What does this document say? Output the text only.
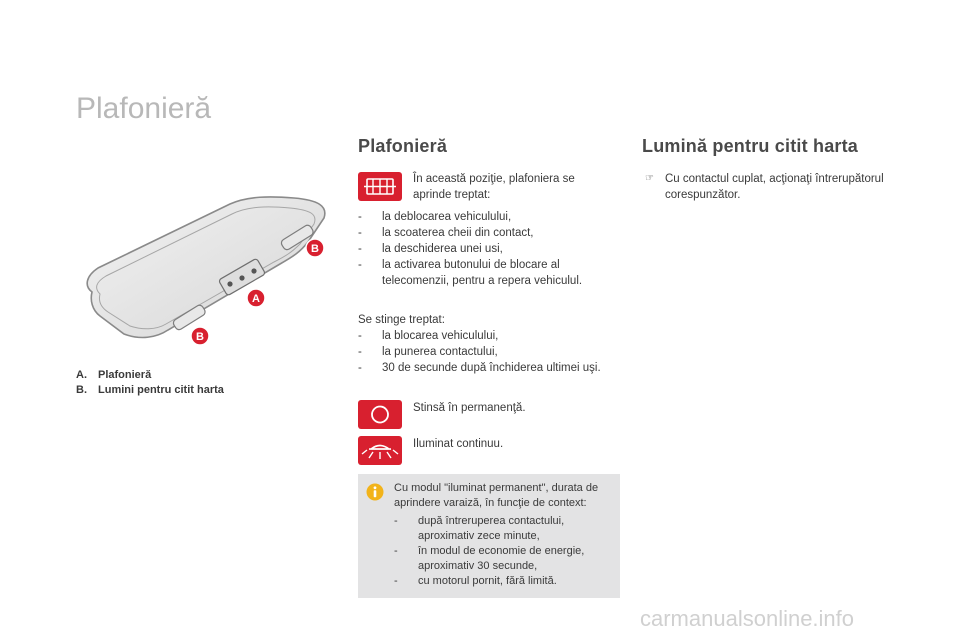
Plafonieră
B
A
B
A. Plafonieră
B. Lumini pentru citit harta
Plafonieră
În această poziţie, plafoniera se aprinde treptat:
- la deblocarea vehiculului,
- la scoaterea cheii din contact,
- la deschiderea unei usi,
- la activarea butonului de blocare al telecomenzii, pentru a repera vehiculul.
Se stinge treptat:
- la blocarea vehiculului,
- la punerea contactului,
- 30 de secunde după închiderea ultimei uşi.
Stinsă în permanenţă.
Iluminat continuu.
Cu modul "iluminat permanent", durata de aprindere varaiză, în funcţie de context:
- după întreruperea contactului, aproximativ zece minute,
- în modul de economie de energie, aproximativ 30 secunde,
- cu motorul pornit, fără limită.
Lumină pentru citit harta
☞ Cu contactul cuplat, acţionaţi întrerupătorul corespunzător.
carmanualsonline.info
